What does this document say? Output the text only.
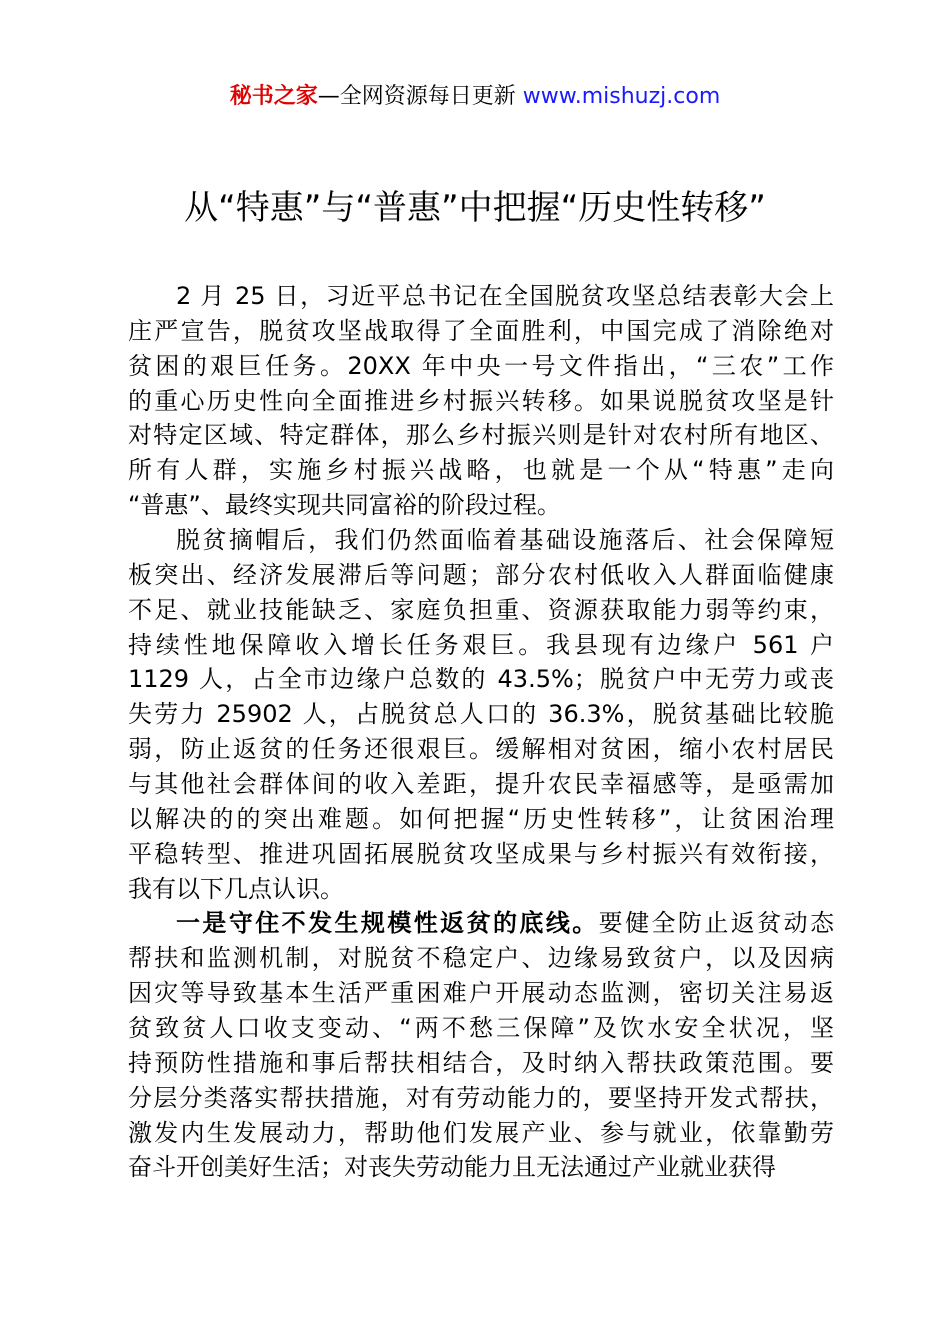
秘书之家—全网资源每日更新 www.mishuzj.com
从“特惠”与“普惠”中把握“历史性转移”
2 月 25 日，习近平总书记在全国脱贫攻坚总结表彰大会上
庄严宣告，脱贫攻坚战取得了全面胜利，中国完成了消除绝对
贫困的艰巨任务。20XX 年中央一号文件指出，“三农”工作
的重心历史性向全面推进乡村振兴转移。如果说脱贫攻坚是针
对特定区域、特定群体，那么乡村振兴则是针对农村所有地区、
所有人群，实施乡村振兴战略，也就是一个从“特惠”走向
“普惠”、最终实现共同富裕的阶段过程。
脱贫摘帽后，我们仍然面临着基础设施落后、社会保障短
板突出、经济发展滞后等问题；部分农村低收入人群面临健康
不足、就业技能缺乏、家庭负担重、资源获取能力弱等约束，
持续性地保障收入增长任务艰巨。我县现有边缘户 561 户
1129 人，占全市边缘户总数的 43.5%；脱贫户中无劳力或丧
失劳力 25902 人，占脱贫总人口的 36.3%，脱贫基础比较脆
弱，防止返贫的任务还很艰巨。缓解相对贫困，缩小农村居民
与其他社会群体间的收入差距，提升农民幸福感等，是亟需加
以解决的的突出难题。如何把握“历史性转移”，让贫困治理
平稳转型、推进巩固拓展脱贫攻坚成果与乡村振兴有效衔接，
我有以下几点认识。
一是守住不发生规模性返贫的底线。要健全防止返贫动态
帮扶和监测机制，对脱贫不稳定户、边缘易致贫户，以及因病
因灾等导致基本生活严重困难户开展动态监测，密切关注易返
贫致贫人口收支变动、“两不愁三保障”及饮水安全状况，坚
持预防性措施和事后帮扶相结合，及时纳入帮扶政策范围。要
分层分类落实帮扶措施，对有劳动能力的，要坚持开发式帮扶，
激发内生发展动力，帮助他们发展产业、参与就业，依靠勤劳
奋斗开创美好生活；对丧失劳动能力且无法通过产业就业获得
